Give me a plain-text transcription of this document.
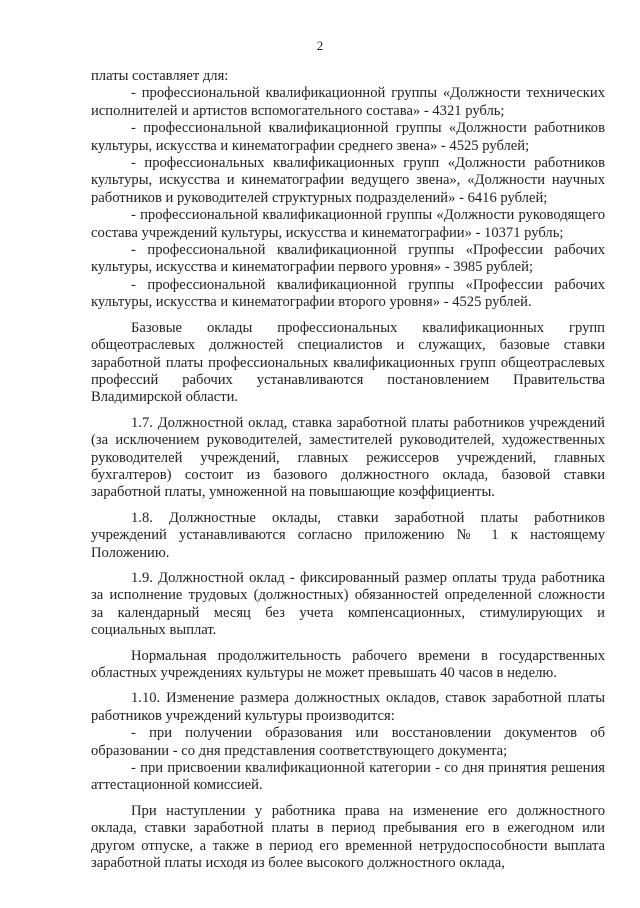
2

платы составляет для:

- профессиональной квалификационной группы «Должности технических исполнителей и артистов вспомогательного состава» - 4321 рубль;

- профессиональной квалификационной группы «Должности работников культуры, искусства и кинематографии среднего звена» - 4525 рублей;

- профессиональных квалификационных групп «Должности работников культуры, искусства и кинематографии ведущего звена», «Должности научных работников и руководителей структурных подразделений» - 6416 рублей;

- профессиональной квалификационной группы «Должности руководящего состава учреждений культуры, искусства и кинематографии» - 10371 рубль;

- профессиональной квалификационной группы «Профессии рабочих культуры, искусства и кинематографии первого уровня» - 3985 рублей;

- профессиональной квалификационной группы «Профессии рабочих культуры, искусства и кинематографии второго уровня» - 4525 рублей.

Базовые оклады профессиональных квалификационных групп общеотраслевых должностей специалистов и служащих, базовые ставки заработной платы профессиональных квалификационных групп общеотраслевых профессий рабочих устанавливаются постановлением Правительства Владимирской области.

1.7. Должностной оклад, ставка заработной платы работников учреждений (за исключением руководителей, заместителей руководителей, художественных руководителей учреждений, главных режиссеров учреждений, главных бухгалтеров) состоит из базового должностного оклада, базовой ставки заработной платы, умноженной на повышающие коэффициенты.

1.8. Должностные оклады, ставки заработной платы работников учреждений устанавливаются согласно приложению № 1 к настоящему Положению.

1.9. Должностной оклад - фиксированный размер оплаты труда работника за исполнение трудовых (должностных) обязанностей определенной сложности за календарный месяц без учета компенсационных, стимулирующих и социальных выплат.

Нормальная продолжительность рабочего времени в государственных областных учреждениях культуры не может превышать 40 часов в неделю.

1.10. Изменение размера должностных окладов, ставок заработной платы работников учреждений культуры производится:

- при получении образования или восстановлении документов об образовании - со дня представления соответствующего документа;

- при присвоении квалификационной категории - со дня принятия решения аттестационной комиссией.

При наступлении у работника права на изменение его должностного оклада, ставки заработной платы в период пребывания его в ежегодном или другом отпуске, а также в период его временной нетрудоспособности выплата заработной платы исходя из более высокого должностного оклада,
